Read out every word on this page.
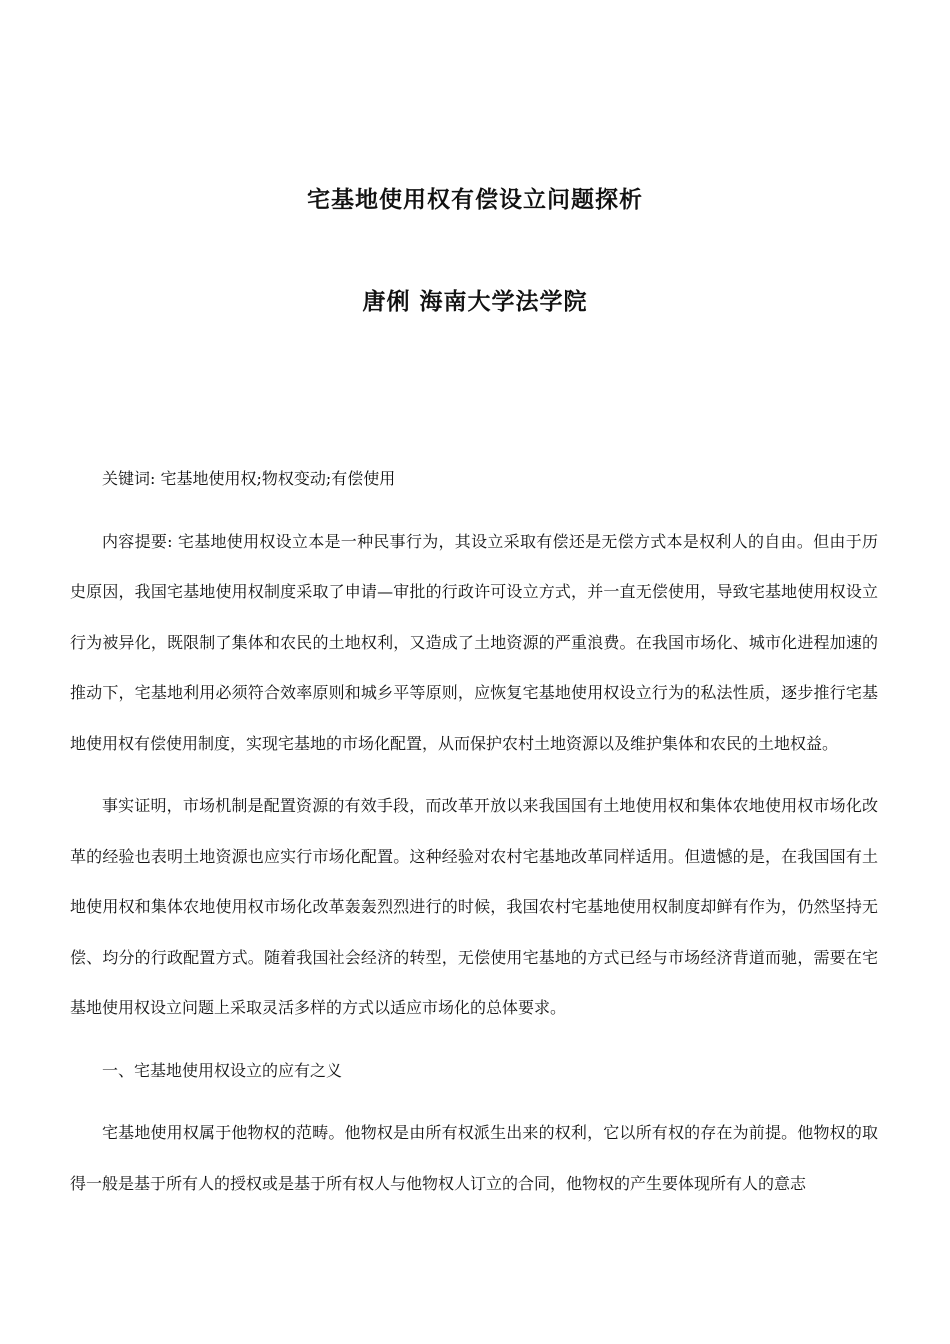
宅基地使用权有偿设立问题探析
唐俐 海南大学法学院

关键词: 宅基地使用权;物权变动;有偿使用

内容提要: 宅基地使用权设立本是一种民事行为，其设立采取有偿还是无偿方式本是权利人的自由。但由于历史原因，我国宅基地使用权制度采取了申请—审批的行政许可设立方式，并一直无偿使用，导致宅基地使用权设立行为被异化，既限制了集体和农民的土地权利，又造成了土地资源的严重浪费。在我国市场化、城市化进程加速的推动下，宅基地利用必须符合效率原则和城乡平等原则，应恢复宅基地使用权设立行为的私法性质，逐步推行宅基地使用权有偿使用制度，实现宅基地的市场化配置，从而保护农村土地资源以及维护集体和农民的土地权益。

事实证明，市场机制是配置资源的有效手段，而改革开放以来我国国有土地使用权和集体农地使用权市场化改革的经验也表明土地资源也应实行市场化配置。这种经验对农村宅基地改革同样适用。但遗憾的是，在我国国有土地使用权和集体农地使用权市场化改革轰轰烈烈进行的时候，我国农村宅基地使用权制度却鲜有作为，仍然坚持无偿、均分的行政配置方式。随着我国社会经济的转型，无偿使用宅基地的方式已经与市场经济背道而驰，需要在宅基地使用权设立问题上采取灵活多样的方式以适应市场化的总体要求。

一、宅基地使用权设立的应有之义

宅基地使用权属于他物权的范畴。他物权是由所有权派生出来的权利，它以所有权的存在为前提。他物权的取得一般是基于所有人的授权或是基于所有权人与他物权人订立的合同，他物权的产生要体现所有人的意志
